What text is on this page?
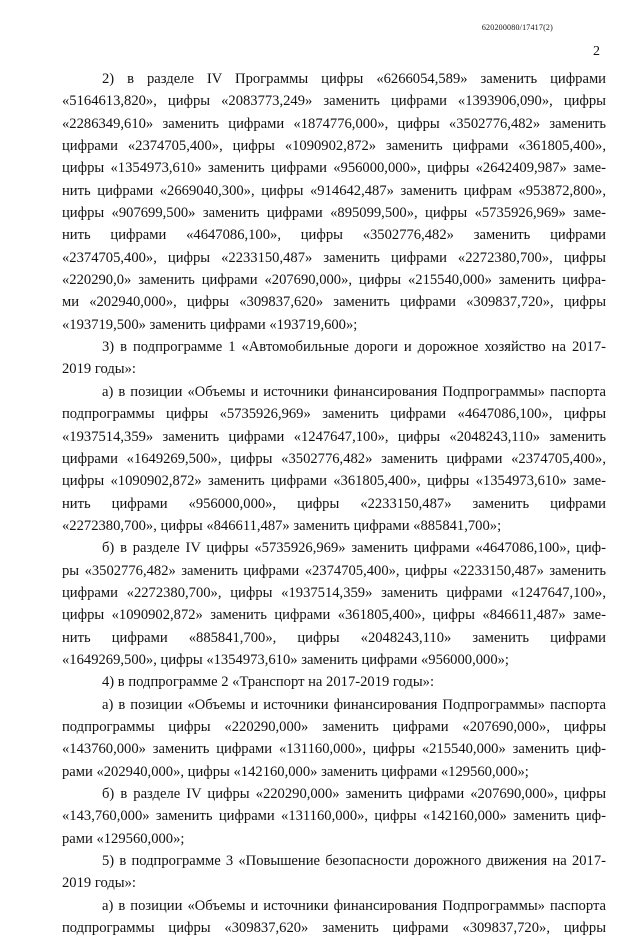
620200080/17417(2)

2

2) в разделе IV Программы цифры «6266054,589» заменить цифрами
«5164613,820», цифры «2083773,249» заменить цифрами «1393906,090», цифры
«2286349,610» заменить цифрами «1874776,000», цифры «3502776,482» заменить
цифрами «2374705,400», цифры «1090902,872» заменить цифрами «361805,400»,
цифры «1354973,610» заменить цифрами «956000,000», цифры «2642409,987» заме-
нить цифрами «2669040,300», цифры «914642,487» заменить цифрам «953872,800»,
цифры «907699,500» заменить цифрами «895099,500», цифры «5735926,969» заме-
нить цифрами «4647086,100», цифры «3502776,482» заменить цифрами
«2374705,400», цифры «2233150,487» заменить цифрами «2272380,700», цифры
«220290,0» заменить цифрами «207690,000», цифры «215540,000» заменить цифра-
ми «202940,000», цифры «309837,620» заменить цифрами «309837,720», цифры
«193719,500» заменить цифрами «193719,600»;
3) в подпрограмме 1 «Автомобильные дороги и дорожное хозяйство на 2017-
2019 годы»:
а) в позиции «Объемы и источники финансирования Подпрограммы» паспорта
подпрограммы цифры «5735926,969» заменить цифрами «4647086,100», цифры
«1937514,359» заменить цифрами «1247647,100», цифры «2048243,110» заменить
цифрами «1649269,500», цифры «3502776,482» заменить цифрами «2374705,400»,
цифры «1090902,872» заменить цифрами «361805,400», цифры «1354973,610» заме-
нить цифрами «956000,000», цифры «2233150,487» заменить цифрами
«2272380,700», цифры «846611,487» заменить цифрами «885841,700»;
б) в разделе IV цифры «5735926,969» заменить цифрами «4647086,100», циф-
ры «3502776,482» заменить цифрами «2374705,400», цифры «2233150,487» заменить
цифрами «2272380,700», цифры «1937514,359» заменить цифрами «1247647,100»,
цифры «1090902,872» заменить цифрами «361805,400», цифры «846611,487» заме-
нить цифрами «885841,700», цифры «2048243,110» заменить цифрами
«1649269,500», цифры «1354973,610» заменить цифрами «956000,000»;
4) в подпрограмме 2 «Транспорт на 2017-2019 годы»:
а) в позиции «Объемы и источники финансирования Подпрограммы» паспорта
подпрограммы цифры «220290,000» заменить цифрами «207690,000», цифры
«143760,000» заменить цифрами «131160,000», цифры «215540,000» заменить циф-
рами «202940,000», цифры «142160,000» заменить цифрами «129560,000»;
б) в разделе IV цифры «220290,000» заменить цифрами «207690,000», цифры
«143,760,000» заменить цифрами «131160,000», цифры «142160,000» заменить циф-
рами «129560,000»;
5) в подпрограмме 3 «Повышение безопасности дорожного движения на 2017-
2019 годы»:
а) в позиции «Объемы и источники финансирования Подпрограммы» паспорта
подпрограммы цифры «309837,620» заменить цифрами «309837,720», цифры
